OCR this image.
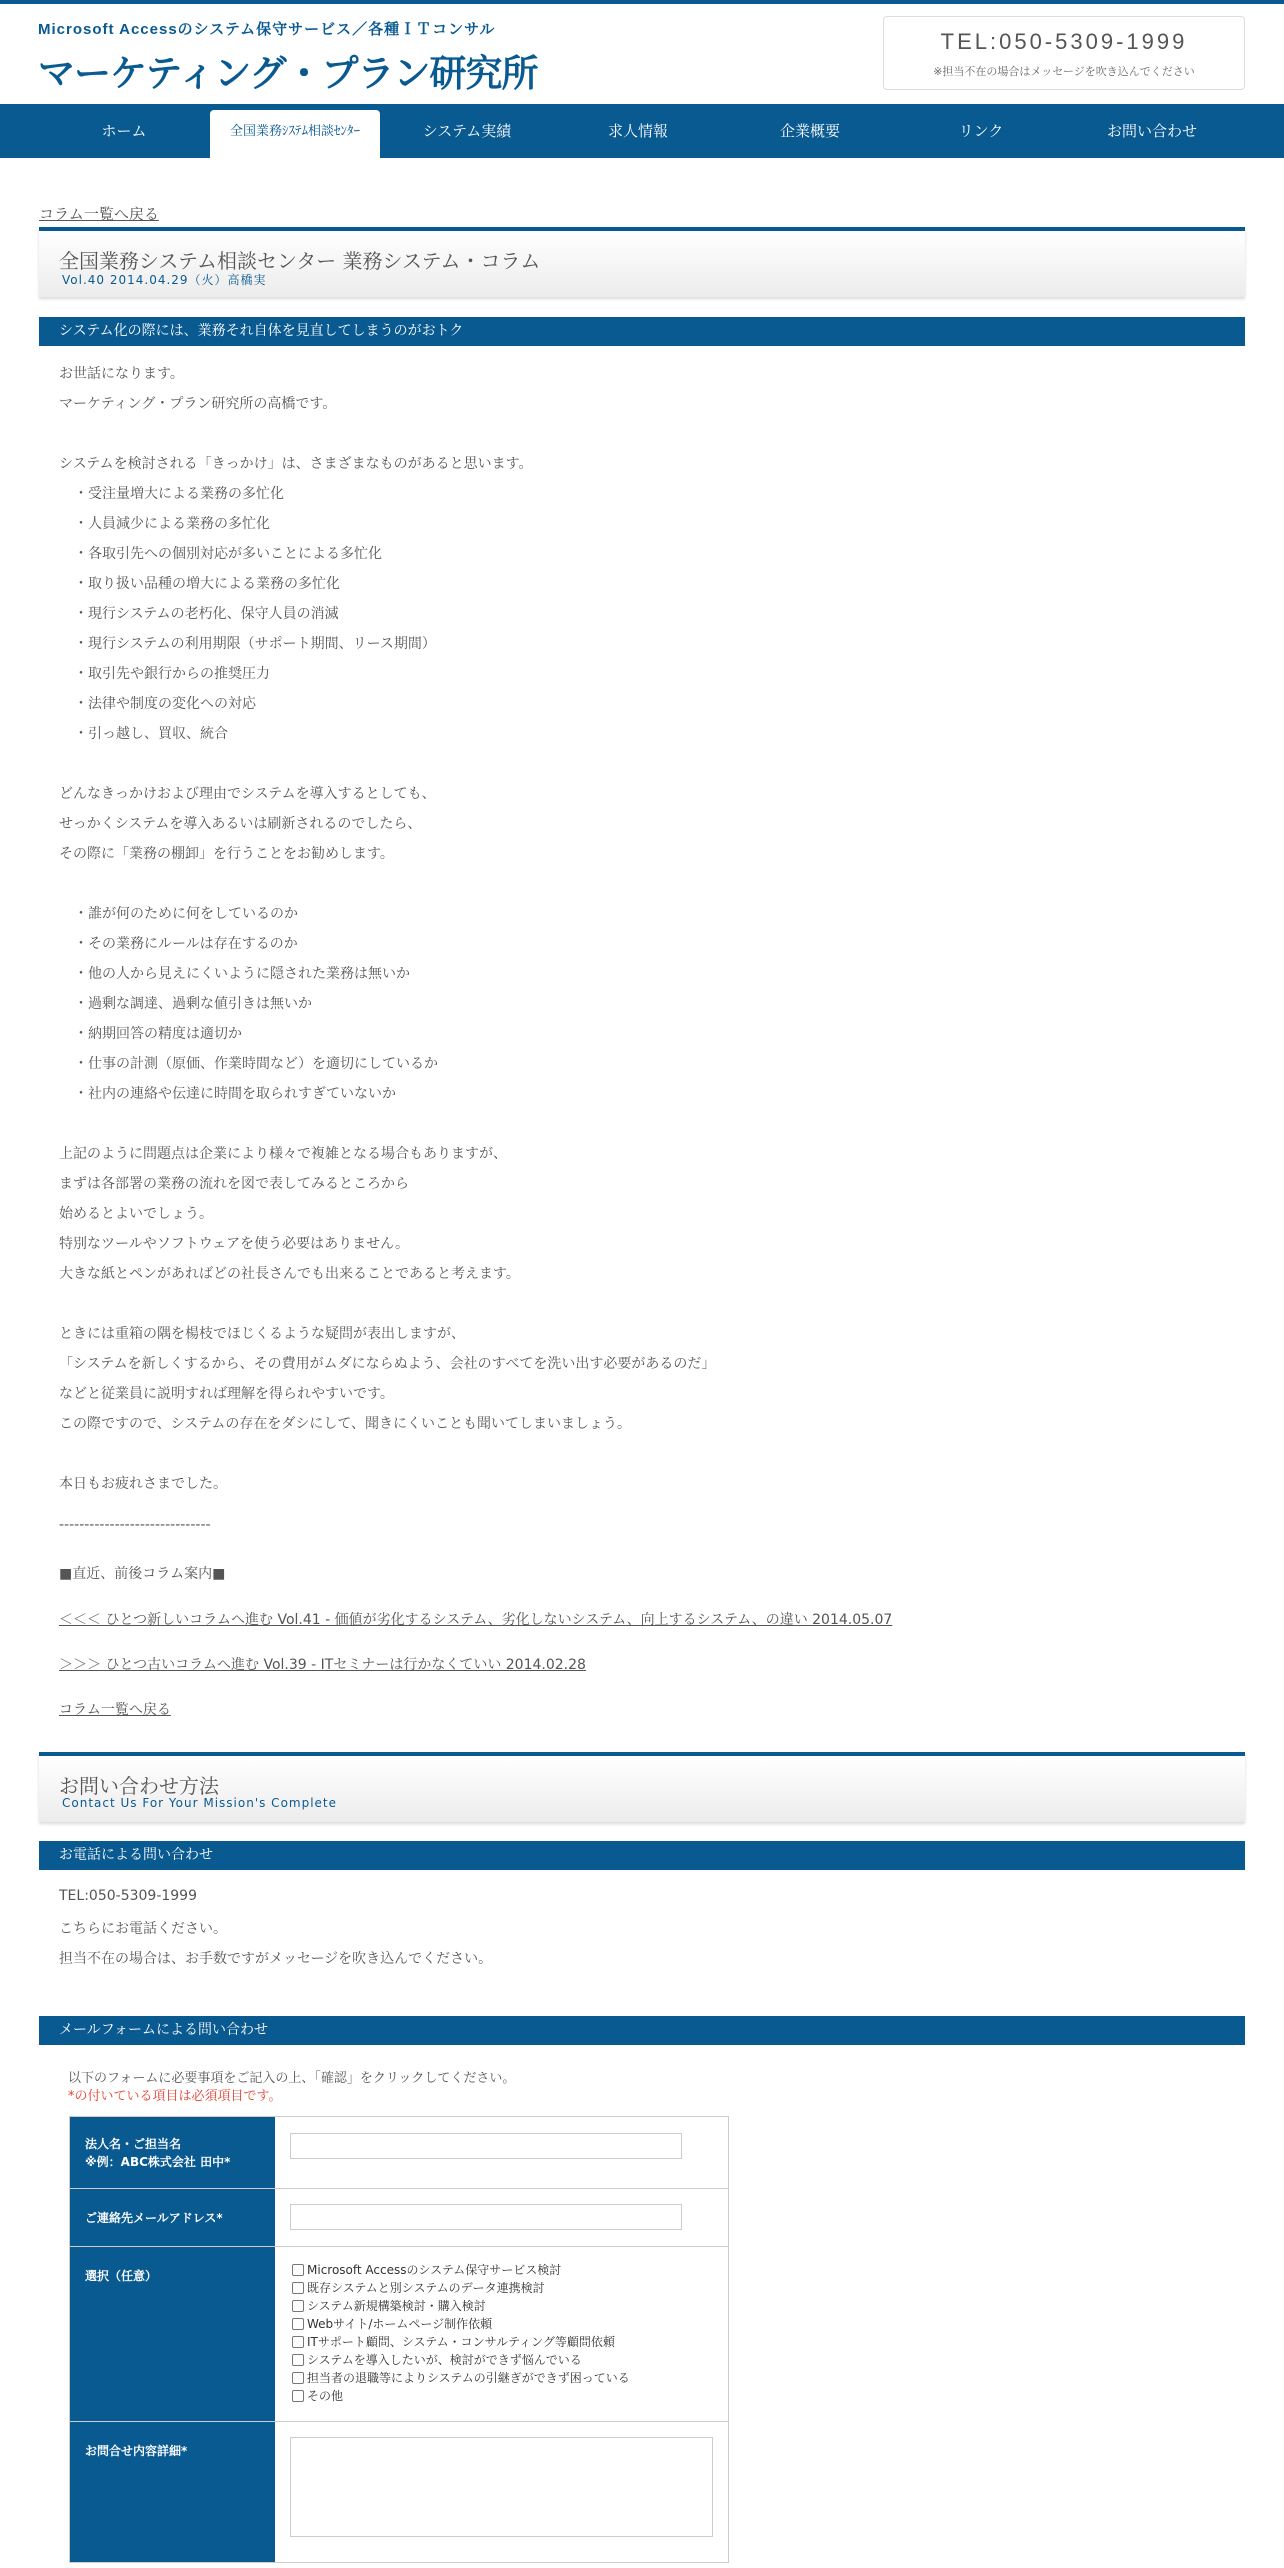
Microsoft Accessのシステム保守サービス／各種ＩＴコンサル
マーケティング・プラン研究所
TEL:050-5309-1999
※担当不在の場合はメッセージを吹き込んでください
ホーム	全国業務ｼｽﾃﾑ相談ｾﾝﾀｰ	システム実績	求人情報	企業概要	リンク	お問い合わせ
コラム一覧へ戻る
全国業務システム相談センター 業務システム・コラム
Vol.40 2014.04.29（火）高橋実
システム化の際には、業務それ自体を見直してしまうのがおトク
お世話になります。
マーケティング・プラン研究所の高橋です。
システムを検討される「きっかけ」は、さまざまなものがあると思います。
・受注量増大による業務の多忙化
・人員減少による業務の多忙化
・各取引先への個別対応が多いことによる多忙化
・取り扱い品種の増大による業務の多忙化
・現行システムの老朽化、保守人員の消滅
・現行システムの利用期限（サポート期間、リース期間）
・取引先や銀行からの推奨圧力
・法律や制度の変化への対応
・引っ越し、買収、統合
どんなきっかけおよび理由でシステムを導入するとしても、
せっかくシステムを導入あるいは刷新されるのでしたら、
その際に「業務の棚卸」を行うことをお勧めします。
・誰が何のために何をしているのか
・その業務にルールは存在するのか
・他の人から見えにくいように隠された業務は無いか
・過剰な調達、過剰な値引きは無いか
・納期回答の精度は適切か
・仕事の計測（原価、作業時間など）を適切にしているか
・社内の連絡や伝達に時間を取られすぎていないか
上記のように問題点は企業により様々で複雑となる場合もありますが、
まずは各部署の業務の流れを図で表してみるところから
始めるとよいでしょう。
特別なツールやソフトウェアを使う必要はありません。
大きな紙とペンがあればどの社長さんでも出来ることであると考えます。
ときには重箱の隅を楊枝でほじくるような疑問が表出しますが、
「システムを新しくするから、その費用がムダにならぬよう、会社のすべてを洗い出す必要があるのだ」
などと従業員に説明すれば理解を得られやすいです。
この際ですので、システムの存在をダシにして、聞きにくいことも聞いてしまいましょう。
本日もお疲れさまでした。
------------------------------
■直近、前後コラム案内■
＜＜＜ ひとつ新しいコラムへ進む Vol.41 - 価値が劣化するシステム、劣化しないシステム、向上するシステム、の違い 2014.05.07
＞＞＞ ひとつ古いコラムへ進む Vol.39 - ITセミナーは行かなくていい 2014.02.28
コラム一覧へ戻る
お問い合わせ方法
Contact Us For Your Mission's Complete
お電話による問い合わせ
TEL:050-5309-1999
こちらにお電話ください。
担当不在の場合は、お手数ですがメッセージを吹き込んでください。
メールフォームによる問い合わせ
以下のフォームに必要事項をご記入の上、「確認」をクリックしてください。
*の付いている項目は必須項目です。
法人名・ご担当名
※例：ABC株式会社 田中*
ご連絡先メールアドレス*
選択（任意）	Microsoft Accessのシステム保守サービス検討
既存システムと別システムのデータ連携検討
システム新規構築検討・購入検討
Webサイト/ホームページ制作依頼
ITサポート顧問、システム・コンサルティング等顧問依頼
システムを導入したいが、検討ができず悩んでいる
担当者の退職等によりシステムの引継ぎができず困っている
その他
お問合せ内容詳細*
